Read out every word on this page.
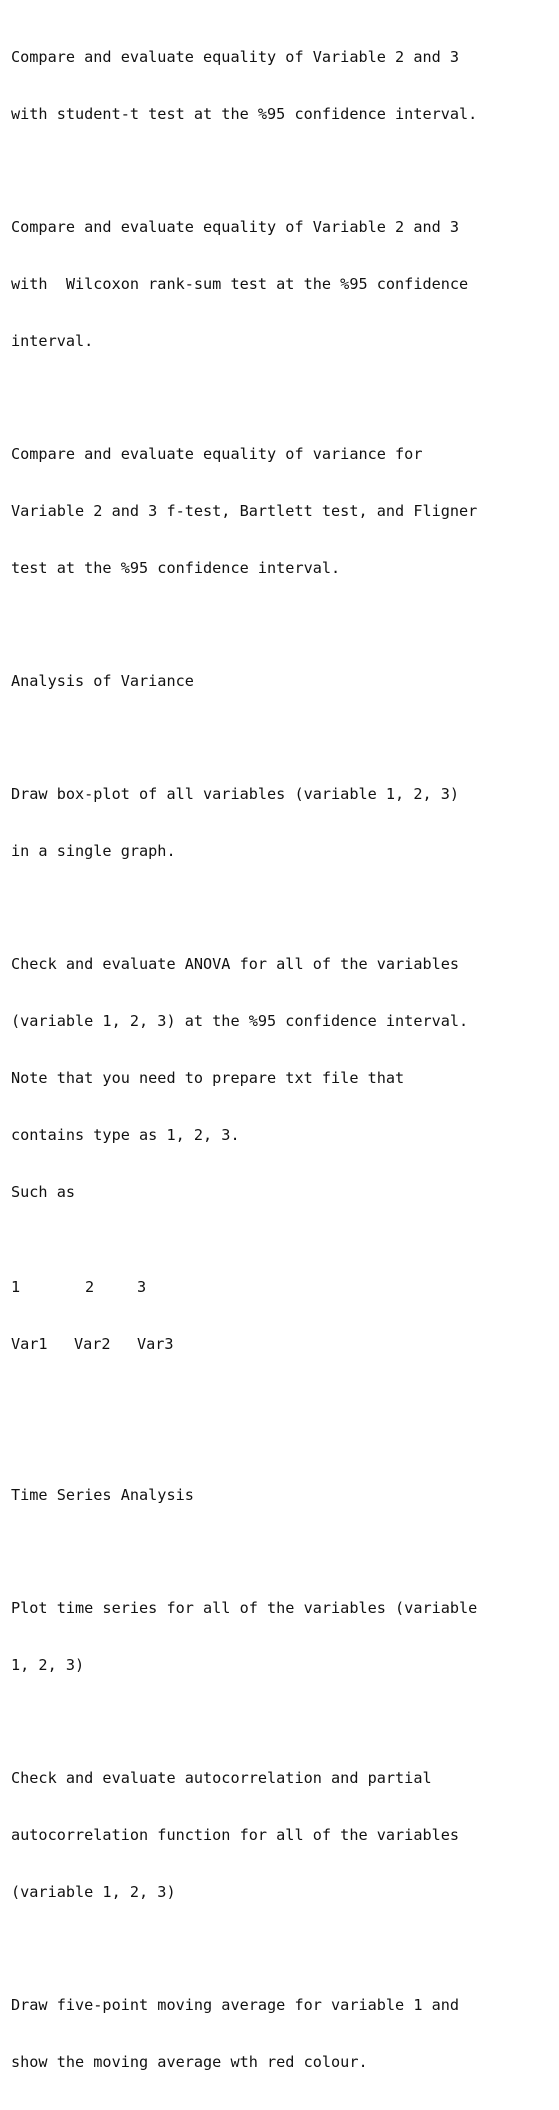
Compare and evaluate equality of Variable 2 and 3

with student-t test at the %95 confidence interval.

Compare and evaluate equality of Variable 2 and 3

with  Wilcoxon rank-sum test at the %95 confidence

interval.

Compare and evaluate equality of variance for

Variable 2 and 3 f-test, Bartlett test, and Fligner

test at the %95 confidence interval.

Analysis of Variance

Draw box-plot of all variables (variable 1, 2, 3)

in a single graph.

Check and evaluate ANOVA for all of the variables

(variable 1, 2, 3) at the %95 confidence interval.

Note that you need to prepare txt file that

contains type as 1, 2, 3.

Such as

1	2	3

Var1	Var2	Var3

Time Series Analysis

Plot time series for all of the variables (variable

1, 2, 3)

Check and evaluate autocorrelation and partial

autocorrelation function for all of the variables

(variable 1, 2, 3)

Draw five-point moving average for variable 1 and

show the moving average wth red colour.
